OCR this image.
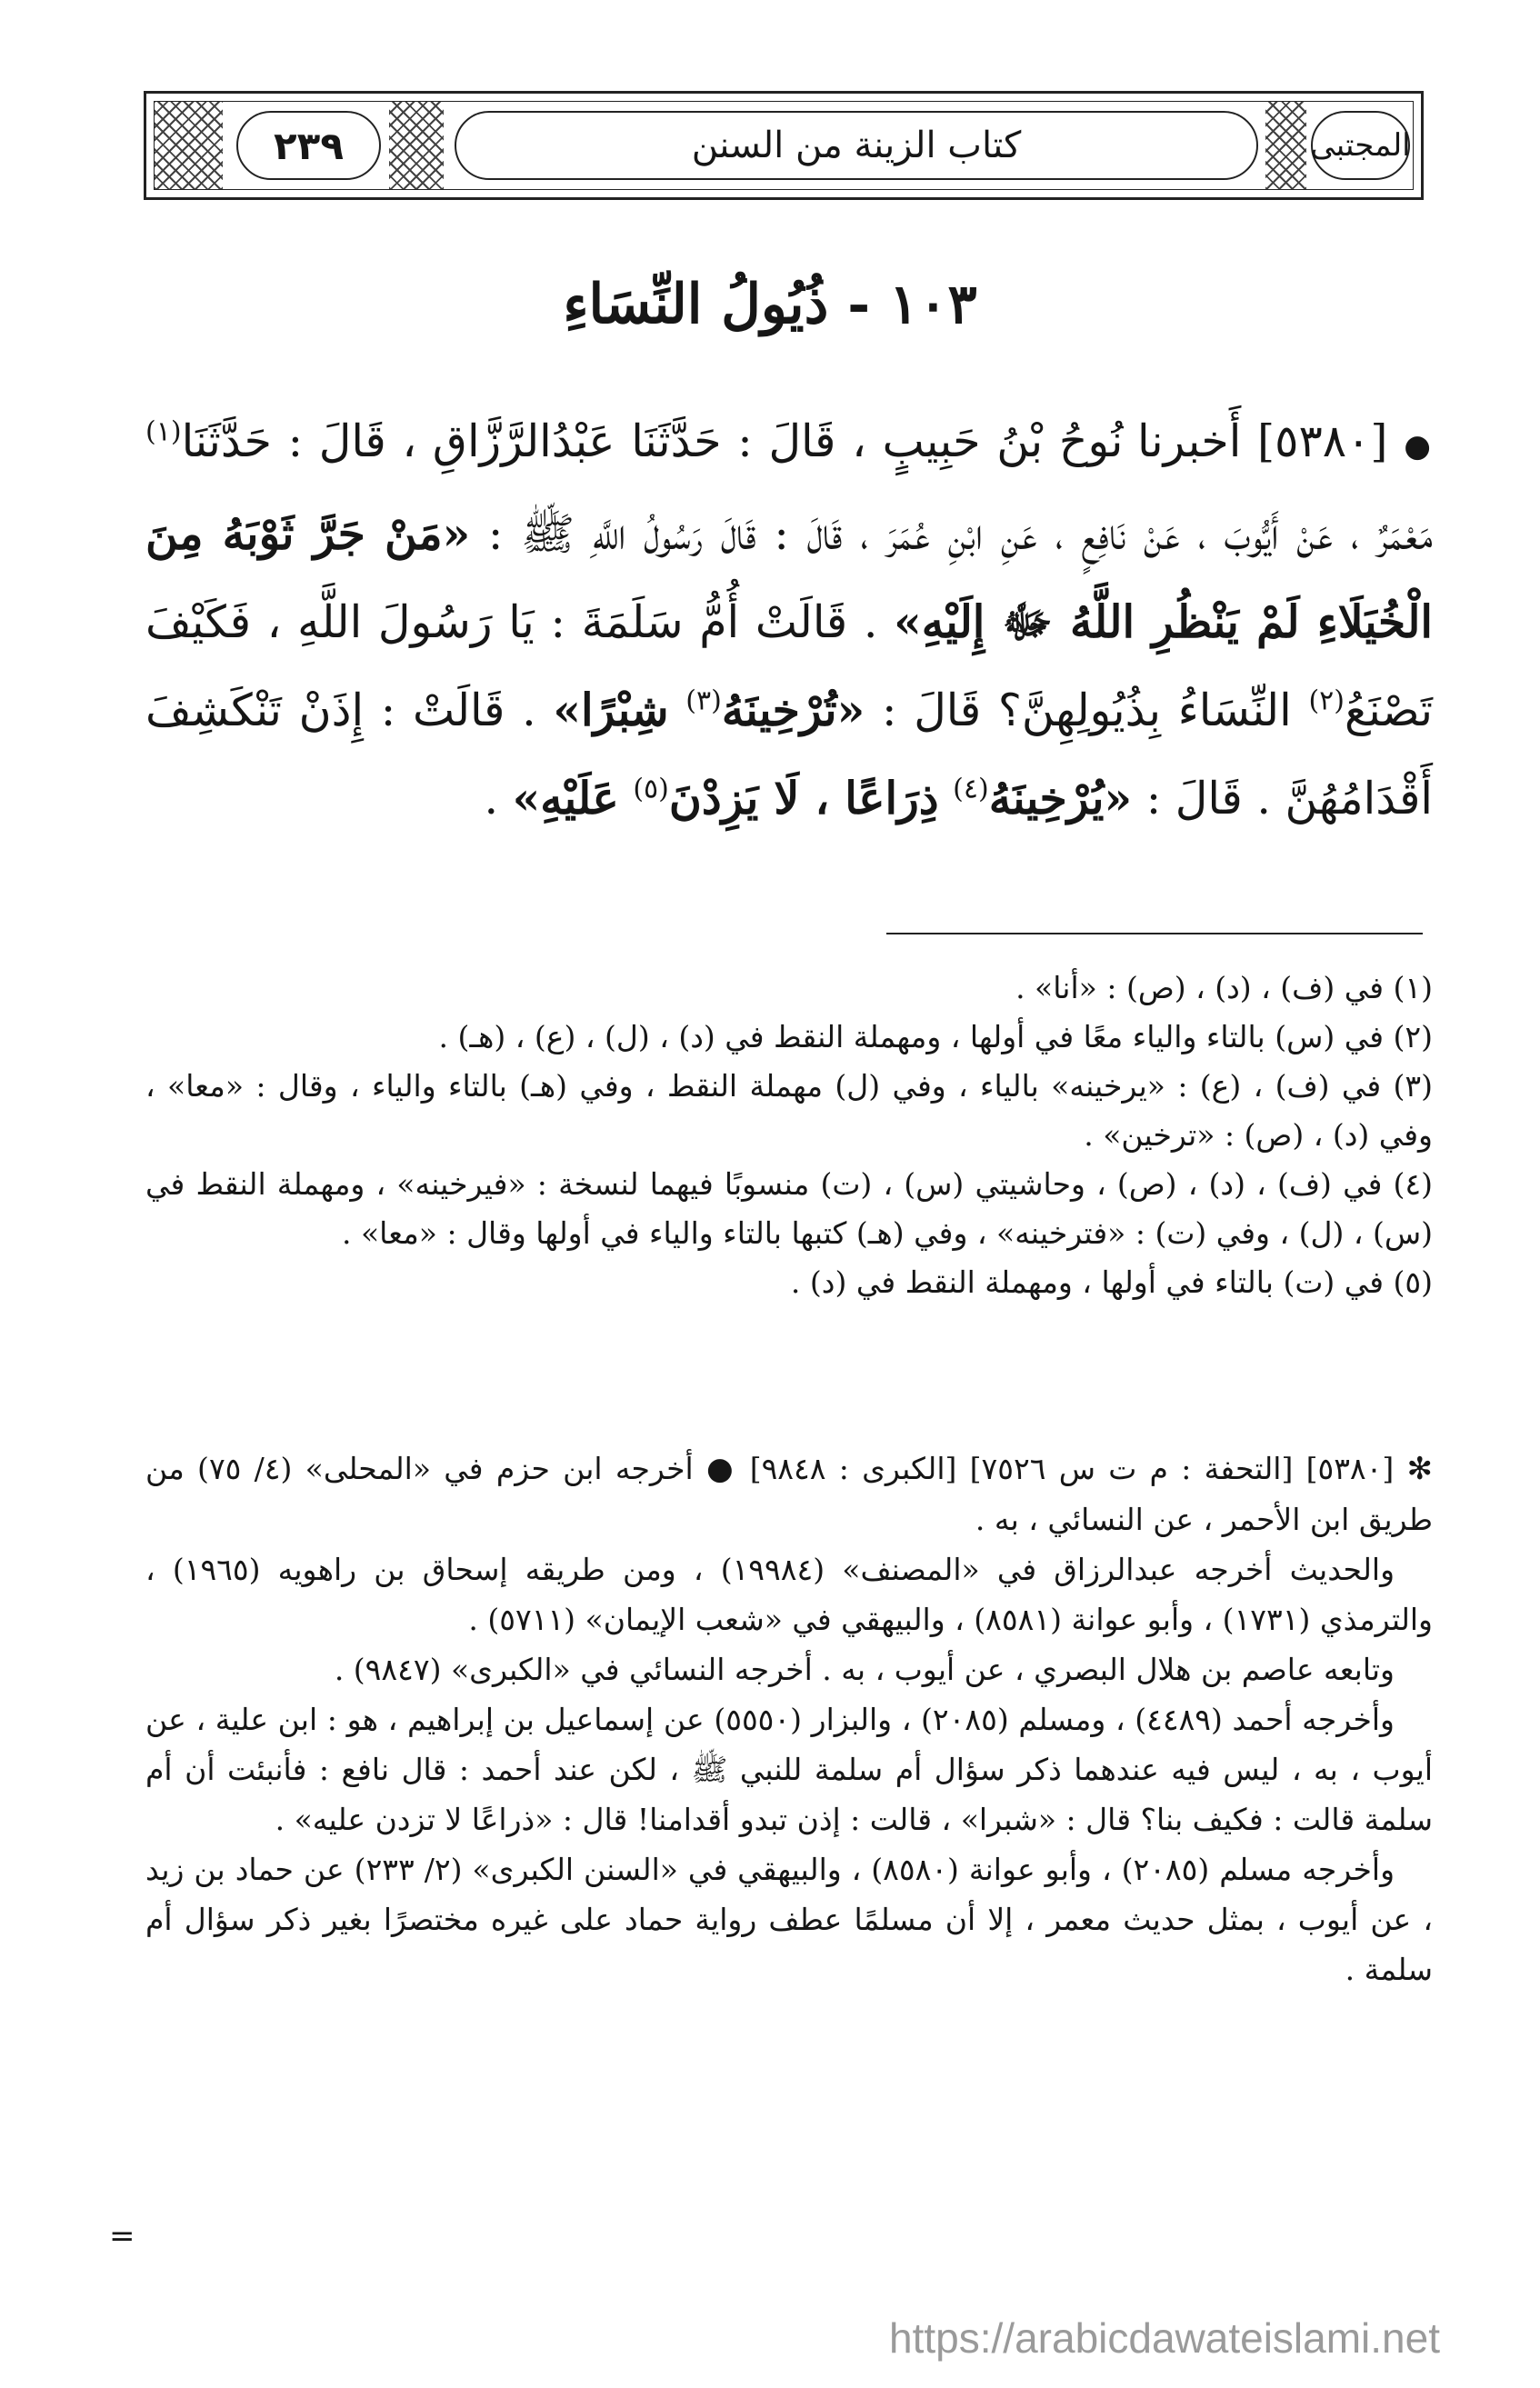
٢٣٩	كتاب الزينة من السنن	المجتبى
١٠٣ - ذُيُولُ النِّسَاءِ
● [٥٣٨٠] أَخبرنا نُوحُ بْنُ حَبِيبٍ ، قَالَ : حَدَّثَنَا عَبْدُالرَّزَّاقِ ، قَالَ : حَدَّثَنَا$^{(١)}$ مَعْمَرٌ ، عَنْ أَيُّوبَ ، عَنْ نَافِعٍ ، عَنِ ابْنِ عُمَرَ ، قَالَ : قَالَ رَسُولُ اللَّهِ ﷺ : «مَنْ جَرَّ ثَوْبَهُ مِنَ الْخُيَلَاءِ لَمْ يَنْظُرِ اللَّهُ ﷻ إِلَيْهِ» . قَالَتْ أُمُّ سَلَمَةَ : يَا رَسُولَ اللَّهِ ، فَكَيْفَ تَصْنَعُ$^{(٢)}$ النِّسَاءُ بِذُيُولِهِنَّ؟ قَالَ : «تُرْخِينَهُ$^{(٣)}$ شِبْرًا» . قَالَتْ : إِذَنْ تَنْكَشِفَ أَقْدَامُهُنَّ . قَالَ : «يُرْخِينَهُ$^{(٤)}$ ذِرَاعًا ، لَا يَزِدْنَ$^{(٥)}$ عَلَيْهِ» .

(١) في (ف) ، (د) ، (ص) : «أنا» .

(٢) في (س) بالتاء والياء معًا في أولها ، ومهملة النقط في (د) ، (ل) ، (ع) ، (هـ) .

(٣) في (ف) ، (ع) : «يرخينه» بالياء ، وفي (ل) مهملة النقط ، وفي (هـ) بالتاء والياء ، وقال : «معا» ، وفي (د) ، (ص) : «ترخين» .

(٤) في (ف) ، (د) ، (ص) ، وحاشيتي (س) ، (ت) منسوبًا فيهما لنسخة : «فيرخينه» ، ومهملة النقط في (س) ، (ل) ، وفي (ت) : «فترخينه» ، وفي (هـ) كتبها بالتاء والياء في أولها وقال : «معا» .

(٥) في (ت) بالتاء في أولها ، ومهملة النقط في (د) .

✻ [٥٣٨٠] [التحفة : م ت س ٧٥٢٦] [الكبرى : ٩٨٤٨] ● أخرجه ابن حزم في «المحلى» (٤/ ٧٥) من طريق ابن الأحمر ، عن النسائي ، به .

والحديث أخرجه عبدالرزاق في «المصنف» (١٩٩٨٤) ، ومن طريقه إسحاق بن راهويه (١٩٦٥) ، والترمذي (١٧٣١) ، وأبو عوانة (٨٥٨١) ، والبيهقي في «شعب الإيمان» (٥٧١١) .

وتابعه عاصم بن هلال البصري ، عن أيوب ، به . أخرجه النسائي في «الكبرى» (٩٨٤٧) .

وأخرجه أحمد (٤٤٨٩) ، ومسلم (٢٠٨٥) ، والبزار (٥٥٥٠) عن إسماعيل بن إبراهيم ، هو : ابن علية ، عن أيوب ، به ، ليس فيه عندهما ذكر سؤال أم سلمة للنبي ﷺ ، لكن عند أحمد : قال نافع : فأنبئت أن أم سلمة قالت : فكيف بنا؟ قال : «شبرا» ، قالت : إذن تبدو أقدامنا! قال : «ذراعًا لا تزدن عليه» .

وأخرجه مسلم (٢٠٨٥) ، وأبو عوانة (٨٥٨٠) ، والبيهقي في «السنن الكبرى» (٢/ ٢٣٣) عن حماد بن زيد ، عن أيوب ، بمثل حديث معمر ، إلا أن مسلمًا عطف رواية حماد على غيره مختصرًا بغير ذكر سؤال أم سلمة .

=
https://arabicdawateislami.net
